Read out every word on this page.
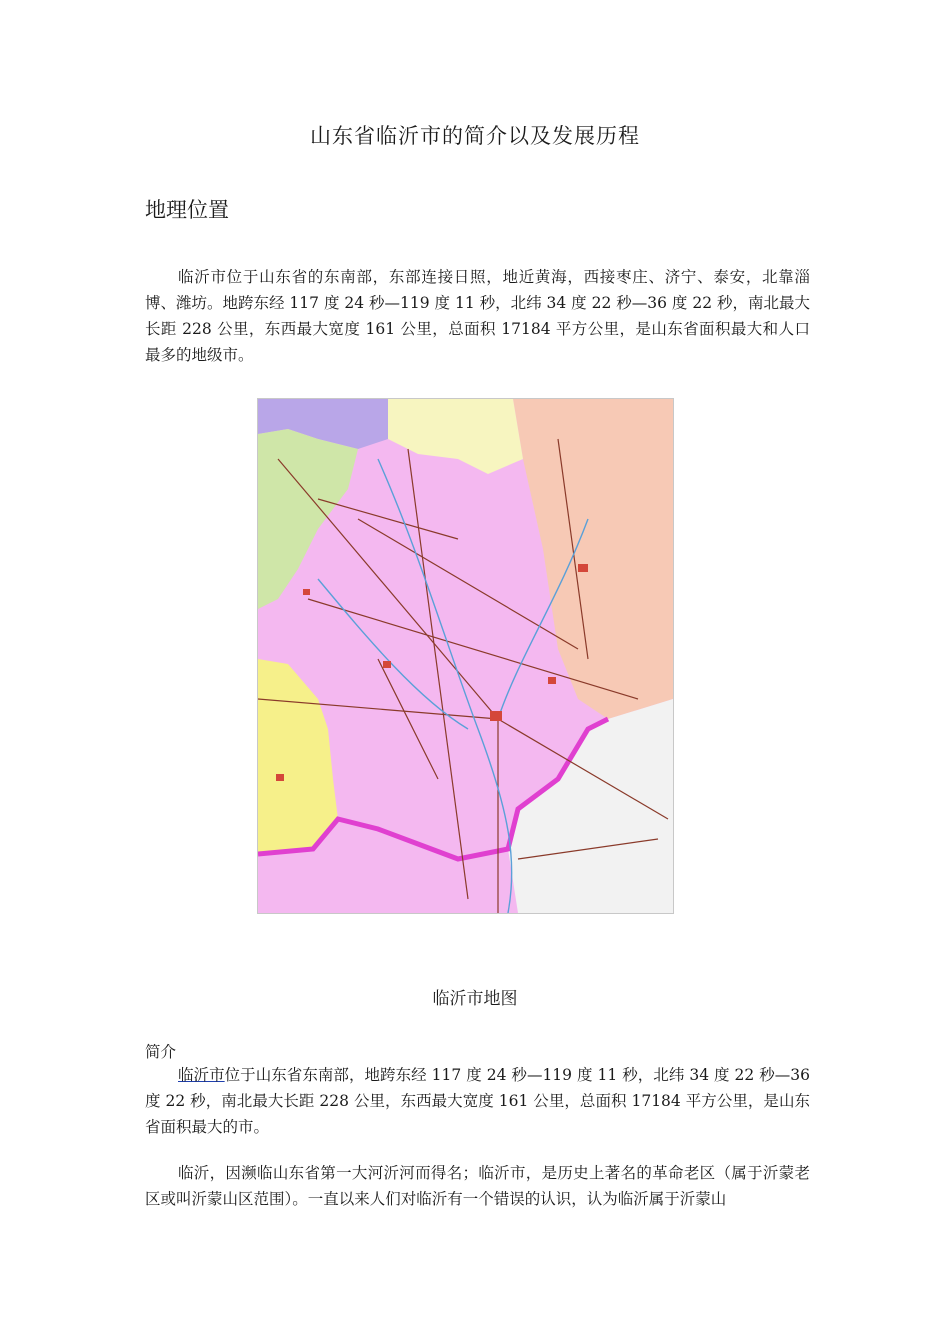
山东省临沂市的简介以及发展历程
地理位置
临沂市位于山东省的东南部，东部连接日照，地近黄海，西接枣庄、济宁、泰安，北靠淄博、潍坊。地跨东经 117 度 24 秒—119 度 11 秒，北纬 34 度 22 秒—36 度 22 秒，南北最大长距 228 公里，东西最大宽度 161 公里，总面积 17184 平方公里，是山东省面积最大和人口最多的地级市。
临沂市地图
简介
临沂市位于山东省东南部，地跨东经 117 度 24 秒—119 度 11 秒，北纬 34 度 22 秒—36 度 22 秒，南北最大长距 228 公里，东西最大宽度 161 公里，总面积 17184 平方公里，是山东省面积最大的市。
临沂，因濒临山东省第一大河沂河而得名；临沂市，是历史上著名的革命老区（属于沂蒙老区或叫沂蒙山区范围）。一直以来人们对临沂有一个错误的认识，认为临沂属于沂蒙山
